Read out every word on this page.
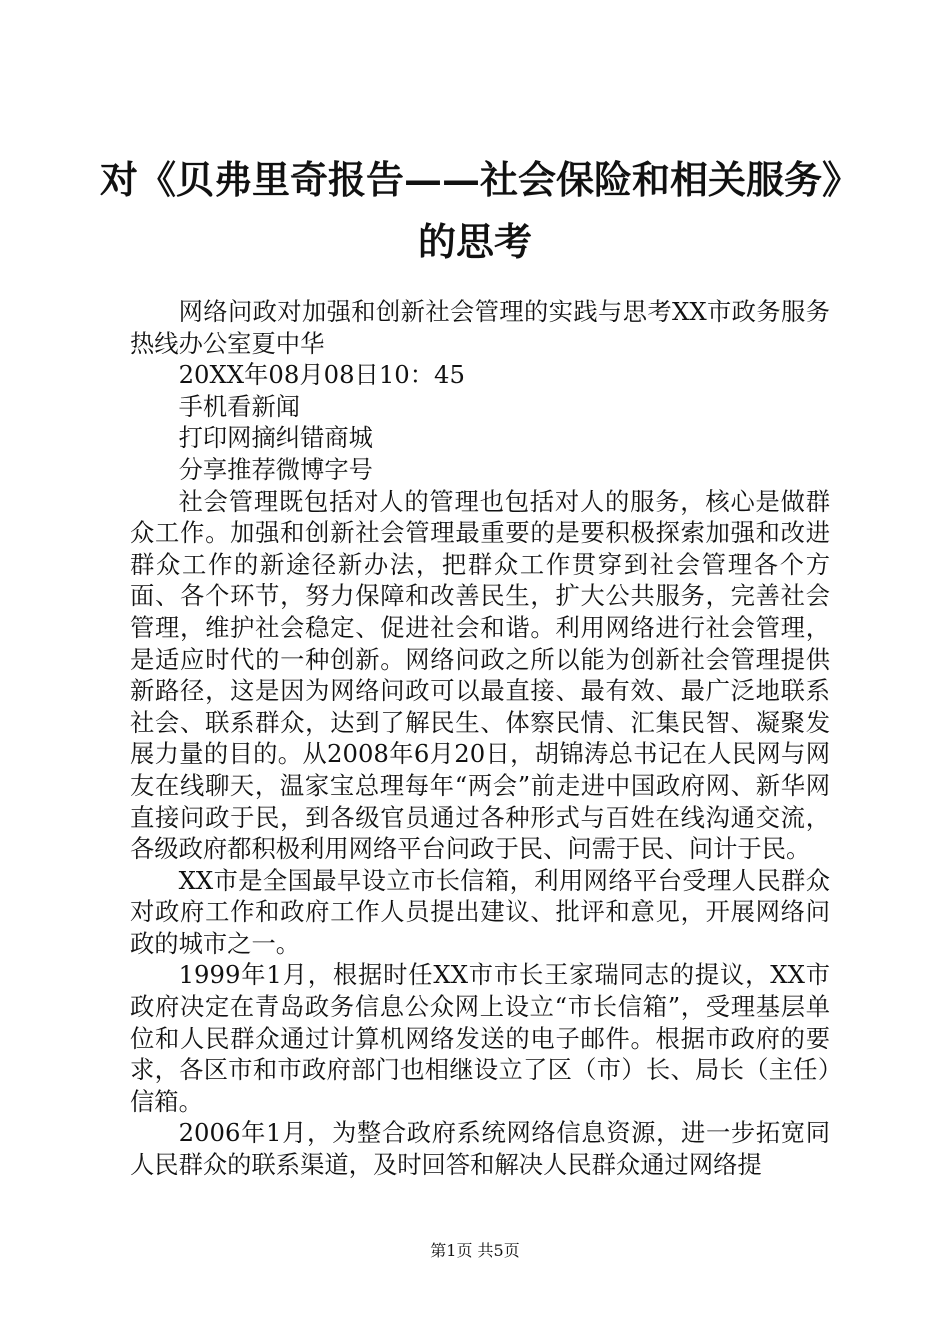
对《贝弗里奇报告——社会保险和相关服务》
的思考

网络问政对加强和创新社会管理的实践与思考XX市政务服务热线办公室夏中华

20XX年08月08日10：45

手机看新闻

打印网摘纠错商城

分享推荐微博字号

社会管理既包括对人的管理也包括对人的服务，核心是做群众工作。加强和创新社会管理最重要的是要积极探索加强和改进群众工作的新途径新办法，把群众工作贯穿到社会管理各个方面、各个环节，努力保障和改善民生，扩大公共服务，完善社会管理，维护社会稳定、促进社会和谐。利用网络进行社会管理，是适应时代的一种创新。网络问政之所以能为创新社会管理提供新路径，这是因为网络问政可以最直接、最有效、最广泛地联系社会、联系群众，达到了解民生、体察民情、汇集民智、凝聚发展力量的目的。从2008年6月20日，胡锦涛总书记在人民网与网友在线聊天，温家宝总理每年“两会”前走进中国政府网、新华网直接问政于民，到各级官员通过各种形式与百姓在线沟通交流，各级政府都积极利用网络平台问政于民、问需于民、问计于民。

XX市是全国最早设立市长信箱，利用网络平台受理人民群众对政府工作和政府工作人员提出建议、批评和意见，开展网络问政的城市之一。

1999年1月，根据时任XX市市长王家瑞同志的提议，XX市政府决定在青岛政务信息公众网上设立“市长信箱”，受理基层单位和人民群众通过计算机网络发送的电子邮件。根据市政府的要求，各区市和市政府部门也相继设立了区（市）长、局长（主任）信箱。

2006年1月，为整合政府系统网络信息资源，进一步拓宽同人民群众的联系渠道，及时回答和解决人民群众通过网络提

第1页 共5页
